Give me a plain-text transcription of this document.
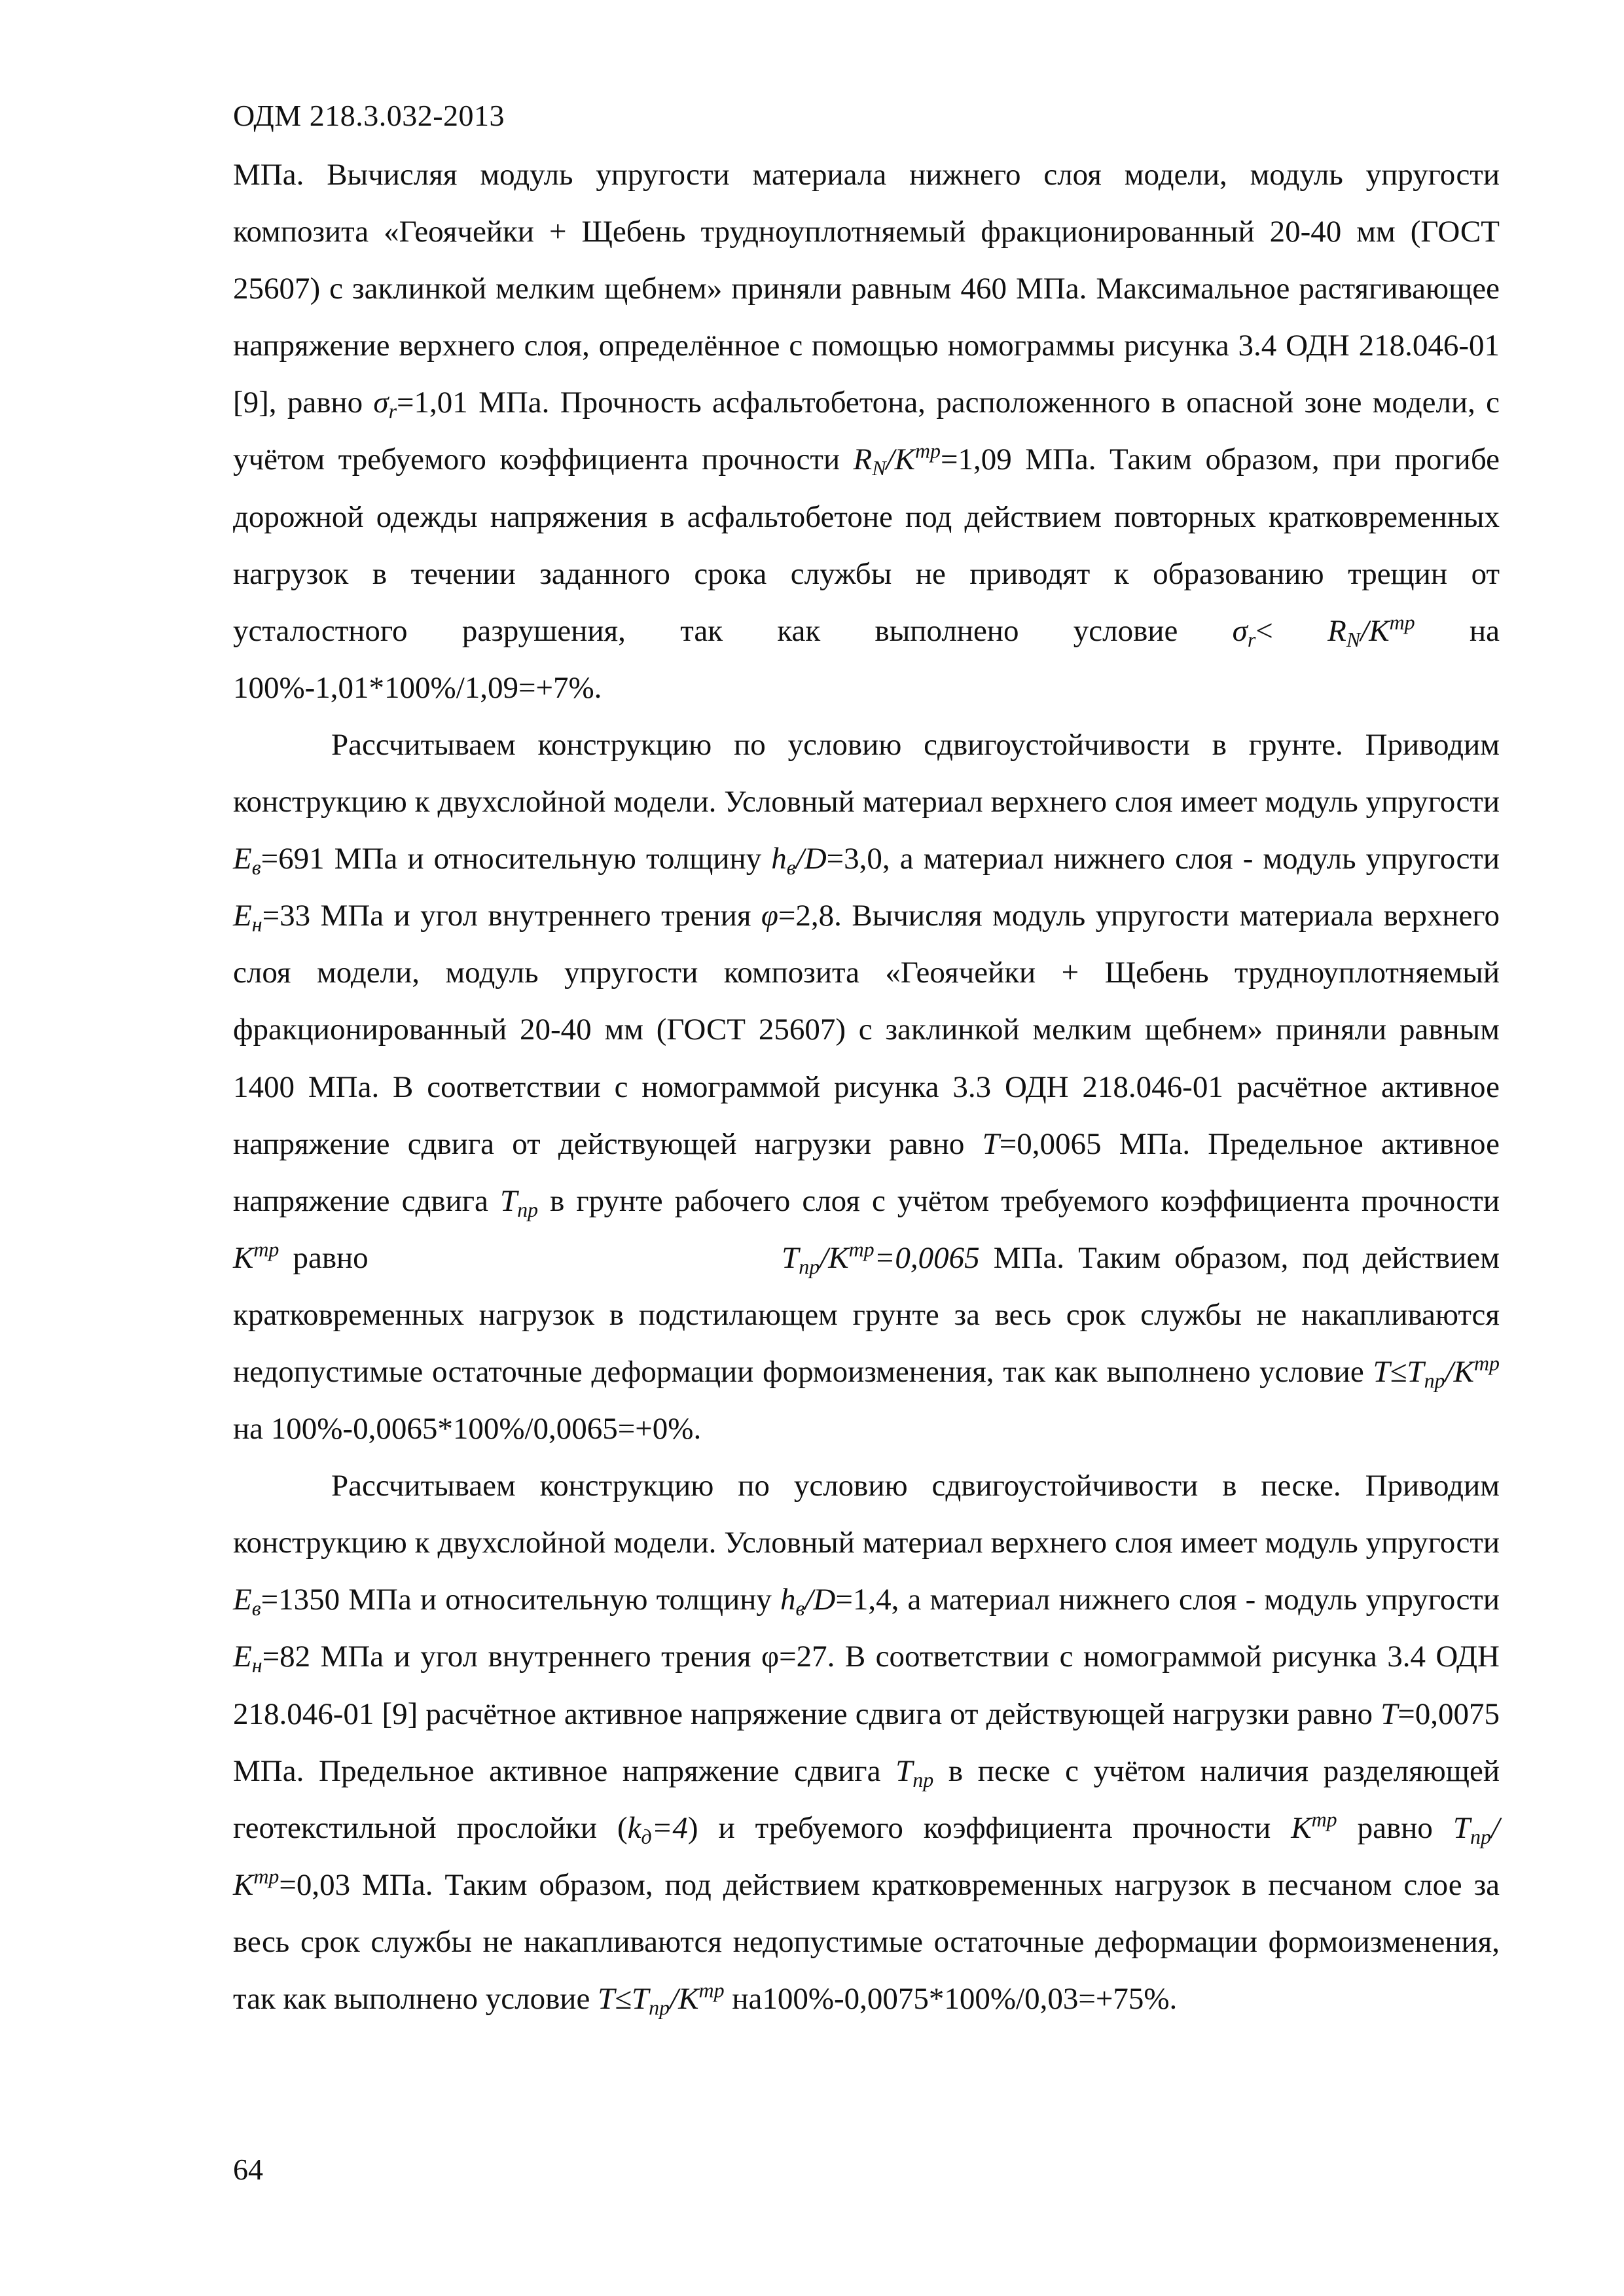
ОДМ 218.3.032-2013

МПа. Вычисляя модуль упругости материала нижнего слоя модели, модуль упругости композита «Геоячейки + Щебень трудноуплотняемый фракционированный 20-40 мм (ГОСТ 25607) с заклинкой мелким щебнем» приняли равным 460 МПа. Максимальное растягивающее напряжение верхнего слоя, определённое с помощью номограммы рисунка 3.4 ОДН 218.046-01 [9], равно $\sigma_r=1,01$ МПа. Прочность асфальтобетона, расположенного в опасной зоне модели, с учётом требуемого коэффициента прочности $R_N/K^{тр}=1,09$ МПа. Таким образом, при прогибе дорожной одежды напряжения в асфальтобетоне под действием повторных кратковременных нагрузок в течении заданного срока службы не приводят к образованию трещин от усталостного разрушения, так как выполнено условие $\sigma_r< R_N/K^{тр}$ на 100%-1,01*100%/1,09=+7%.

Рассчитываем конструкцию по условию сдвигоустойчивости в грунте. Приводим конструкцию к двухслойной модели. Условный материал верхнего слоя имеет модуль упругости $E_в=691$ МПа и относительную толщину $h_в/D=3,0$, а материал нижнего слоя - модуль упругости $E_н=33$ МПа и угол внутреннего трения φ=2,8. Вычисляя модуль упругости материала верхнего слоя модели, модуль упругости композита «Геоячейки + Щебень трудноуплотняемый фракционированный 20-40 мм (ГОСТ 25607) с заклинкой мелким щебнем» приняли равным 1400 МПа. В соответствии с номограммой рисунка 3.3 ОДН 218.046-01 расчётное активное напряжение сдвига от действующей нагрузки равно T=0,0065 МПа. Предельное активное напряжение сдвига $T_{пр}$ в грунте рабочего слоя с учётом требуемого коэффициента прочности $K^{тр}$ равно	$T_{пр}/K^{тр}=0,0065$ МПа. Таким образом, под действием кратковременных нагрузок в подстилающем грунте за весь срок службы не накапливаются недопустимые остаточные деформации формоизменения, так как выполнено условие $T\le T_{пр}/K^{тр}$ на 100%-0,0065*100%/0,0065=+0%.

Рассчитываем конструкцию по условию сдвигоустойчивости в песке. Приводим конструкцию к двухслойной модели. Условный материал верхнего слоя имеет модуль упругости $E_в=1350$ МПа и относительную толщину $h_в/D=1,4$, а материал нижнего слоя - модуль упругости $E_н=82$ МПа и угол внутреннего трения φ=27. В соответствии с номограммой рисунка 3.4 ОДН 218.046-01 [9] расчётное активное напряжение сдвига от действующей нагрузки равно T=0,0075 МПа. Предельное активное напряжение сдвига $T_{пр}$ в песке с учётом наличия разделяющей геотекстильной прослойки $(k_д=4)$ и требуемого коэффициента прочности $K^{тр}$ равно $T_{пр}/$ $K^{тр}=0,03$ МПа. Таким образом, под действием кратковременных нагрузок в песчаном слое за весь срок службы не накапливаются недопустимые остаточные деформации формоизменения, так как выполнено условие $T\le T_{пр}/K^{тр}$ на100%-0,0075*100%/0,03=+75%.

64
